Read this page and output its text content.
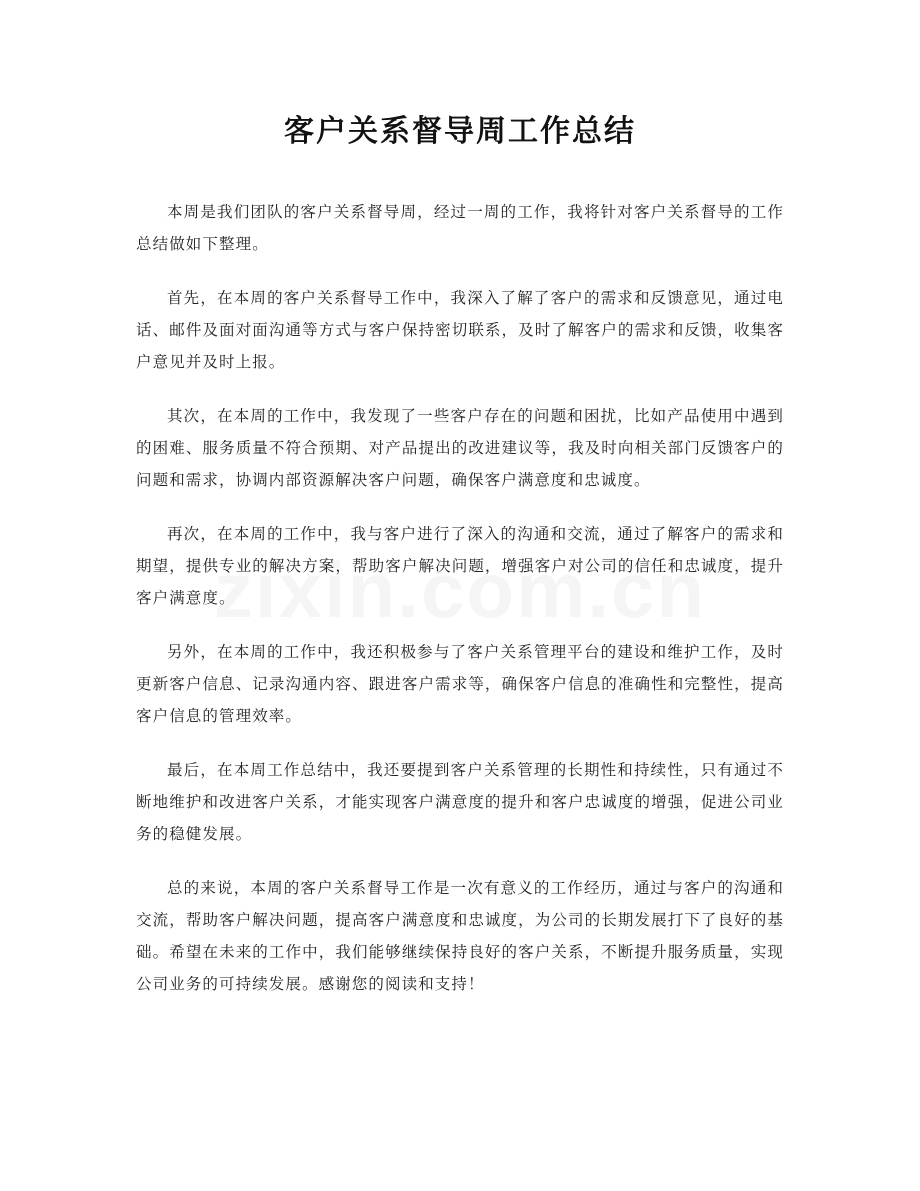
客户关系督导周工作总结

本周是我们团队的客户关系督导周，经过一周的工作，我将针对客户关系督导的工作总结做如下整理。

首先，在本周的客户关系督导工作中，我深入了解了客户的需求和反馈意见，通过电话、邮件及面对面沟通等方式与客户保持密切联系，及时了解客户的需求和反馈，收集客户意见并及时上报。

其次，在本周的工作中，我发现了一些客户存在的问题和困扰，比如产品使用中遇到的困难、服务质量不符合预期、对产品提出的改进建议等，我及时向相关部门反馈客户的问题和需求，协调内部资源解决客户问题，确保客户满意度和忠诚度。

再次，在本周的工作中，我与客户进行了深入的沟通和交流，通过了解客户的需求和期望，提供专业的解决方案，帮助客户解决问题，增强客户对公司的信任和忠诚度，提升客户满意度。

另外，在本周的工作中，我还积极参与了客户关系管理平台的建设和维护工作，及时更新客户信息、记录沟通内容、跟进客户需求等，确保客户信息的准确性和完整性，提高客户信息的管理效率。

最后，在本周工作总结中，我还要提到客户关系管理的长期性和持续性，只有通过不断地维护和改进客户关系，才能实现客户满意度的提升和客户忠诚度的增强，促进公司业务的稳健发展。

总的来说，本周的客户关系督导工作是一次有意义的工作经历，通过与客户的沟通和交流，帮助客户解决问题，提高客户满意度和忠诚度，为公司的长期发展打下了良好的基础。希望在未来的工作中，我们能够继续保持良好的客户关系，不断提升服务质量，实现公司业务的可持续发展。感谢您的阅读和支持！
